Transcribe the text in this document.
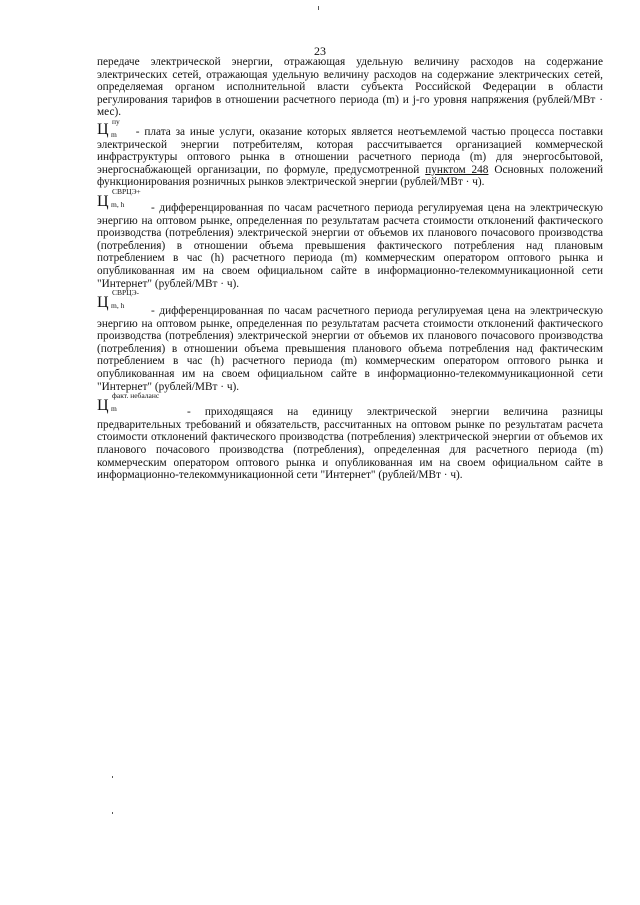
23

передаче электрической энергии, отражающая удельную величину расходов на содержание электрических сетей, отражающая удельную величину расходов на содержание электрических сетей, определяемая органом исполнительной власти субъекта Российской Федерации в области регулирования тарифов в отношении расчетного периода (m) и j-го уровня напряжения (рублей/МВт · мес).

Ц пу
m - плата за иные услуги, оказание которых является неотъемлемой частью процесса поставки электрической энергии потребителям, которая рассчитывается организацией коммерческой инфраструктуры оптового рынка в отношении расчетного периода (m) для энергосбытовой, энергоснабжающей организации, по формуле, предусмотренной пунктом 248 Основных положений функционирования розничных рынков электрической энергии (рублей/МВт · ч).

Ц
СВРЦЭ+
m, h	- дифференцированная по часам расчетного периода регулируемая цена на электрическую энергию на оптовом рынке, определенная по результатам расчета стоимости отклонений фактического производства (потребления) электрической энергии от объемов их планового почасового производства (потребления) в отношении объема превышения фактического потребления над плановым потреблением в час (h) расчетного периода (m) коммерческим оператором оптового рынка и опубликованная им на своем официальном сайте в информационно-телекоммуникационной сети "Интернет" (рублей/МВт · ч).

Ц
СВРЦЭ-
m, h	- дифференцированная по часам расчетного периода регулируемая цена на электрическую энергию на оптовом рынке, определенная по результатам расчета стоимости отклонений фактического производства (потребления) электрической энергии от объемов их планового почасового производства (потребления) в отношении объема превышения планового объема потребления над фактическим потреблением в час (h) расчетного периода (m) коммерческим оператором оптового рынка и опубликованная им на своем официальном сайте в информационно-телекоммуникационной сети "Интернет" (рублей/МВт · ч).

Ц
факт. небаланс
m	- приходящаяся на единицу электрической энергии величина разницы предварительных требований и обязательств, рассчитанных на оптовом рынке по результатам расчета стоимости отклонений фактического производства (потребления) электрической энергии от объемов их планового почасового производства (потребления), определенная для расчетного периода (m) коммерческим оператором оптового рынка и опубликованная им на своем официальном сайте в информационно-телекоммуникационной сети "Интернет" (рублей/МВт · ч).
